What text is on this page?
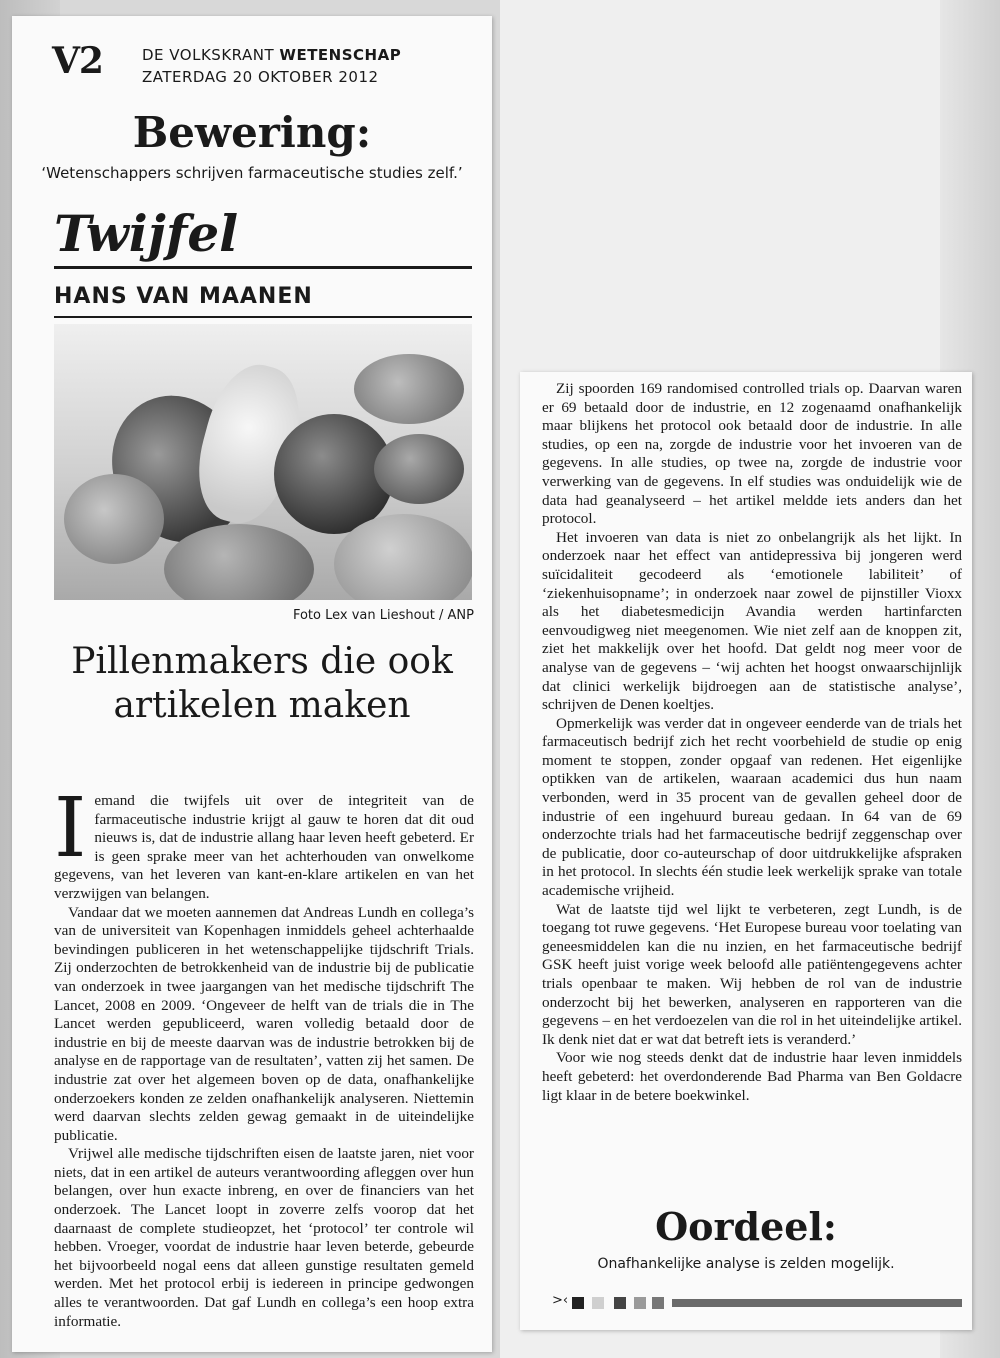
V2	DE VOLKSKRANT WETENSCHAP
ZATERDAG 20 OKTOBER 2012
Bewering:
‘Wetenschappers schrijven farmaceutische studies zelf.’
Twijfel
HANS VAN MAANEN
Foto Lex van Lieshout / ANP
Pillenmakers die ook
artikelen maken

Iemand die twijfels uit over de integriteit van de farmaceutische industrie krijgt al gauw te horen dat dit oud nieuws is, dat de industrie allang haar leven heeft gebeterd. Er is geen sprake meer van het achterhouden van onwelkome gegevens, van het leveren van kant-en-klare artikelen en van het verzwijgen van belangen.

Vandaar dat we moeten aannemen dat Andreas Lundh en collega’s van de universiteit van Kopenhagen inmiddels geheel achterhaalde bevindingen publiceren in het wetenschappelijke tijdschrift Trials. Zij onderzochten de betrokkenheid van de industrie bij de publicatie van onderzoek in twee jaargangen van het medische tijdschrift The Lancet, 2008 en 2009. ‘Ongeveer de helft van de trials die in The Lancet werden gepubliceerd, waren volledig betaald door de industrie en bij de meeste daarvan was de industrie betrokken bij de analyse en de rapportage van de resultaten’, vatten zij het samen. De industrie zat over het algemeen boven op de data, onafhankelijke onderzoekers konden ze zelden onafhankelijk analyseren. Niettemin werd daarvan slechts zelden gewag gemaakt in de uiteindelijke publicatie.

Vrijwel alle medische tijdschriften eisen de laatste jaren, niet voor niets, dat in een artikel de auteurs verantwoording afleggen over hun belangen, over hun exacte inbreng, en over de financiers van het onderzoek. The Lancet loopt in zoverre zelfs voorop dat het daarnaast de complete studieopzet, het ‘protocol’ ter controle wil hebben. Vroeger, voordat de industrie haar leven beterde, gebeurde het bijvoorbeeld nogal eens dat alleen gunstige resultaten gemeld werden. Met het protocol erbij is iedereen in principe gedwongen alles te verantwoorden. Dat gaf Lundh en collega’s een hoop extra informatie.

Zij spoorden 169 randomised controlled trials op. Daarvan waren er 69 betaald door de industrie, en 12 zogenaamd onafhankelijk maar blijkens het protocol ook betaald door de industrie. In alle studies, op een na, zorgde de industrie voor het invoeren van de gegevens. In alle studies, op twee na, zorgde de industrie voor verwerking van de gegevens. In elf studies was onduidelijk wie de data had geanalyseerd – het artikel meldde iets anders dan het protocol.

Het invoeren van data is niet zo onbelangrijk als het lijkt. In onderzoek naar het effect van antidepressiva bij jongeren werd suïcidaliteit gecodeerd als ‘emotionele labiliteit’ of ‘ziekenhuisopname’; in onderzoek naar zowel de pijnstiller Vioxx als het diabetesmedicijn Avandia werden hartinfarcten eenvoudigweg niet meegenomen. Wie niet zelf aan de knoppen zit, ziet het makkelijk over het hoofd. Dat geldt nog meer voor de analyse van de gegevens – ‘wij achten het hoogst onwaarschijnlijk dat clinici werkelijk bijdroegen aan de statistische analyse’, schrijven de Denen koeltjes.

Opmerkelijk was verder dat in ongeveer eenderde van de trials het farmaceutisch bedrijf zich het recht voorbehield de studie op enig moment te stoppen, zonder opgaaf van redenen. Het eigenlijke optikken van de artikelen, waaraan academici dus hun naam verbonden, werd in 35 procent van de gevallen geheel door de industrie of een ingehuurd bureau gedaan. In 64 van de 69 onderzochte trials had het farmaceutische bedrijf zeggenschap over de publicatie, door co-auteurschap of door uitdrukkelijke afspraken in het protocol. In slechts één studie leek werkelijk sprake van totale academische vrijheid.

Wat de laatste tijd wel lijkt te verbeteren, zegt Lundh, is de toegang tot ruwe gegevens. ‘Het Europese bureau voor toelating van geneesmiddelen kan die nu inzien, en het farmaceutische bedrijf GSK heeft juist vorige week beloofd alle patiëntengegevens achter trials openbaar te maken. Wij hebben de rol van de industrie onderzocht bij het bewerken, analyseren en rapporteren van die gegevens – en het verdoezelen van die rol in het uiteindelijke artikel. Ik denk niet dat er wat dat betreft iets is veranderd.’

Voor wie nog steeds denkt dat de industrie haar leven inmiddels heeft gebeterd: het overdonderende Bad Pharma van Ben Goldacre ligt klaar in de betere boekwinkel.

Oordeel:
Onafhankelijke analyse is zelden mogelijk.
>‹
